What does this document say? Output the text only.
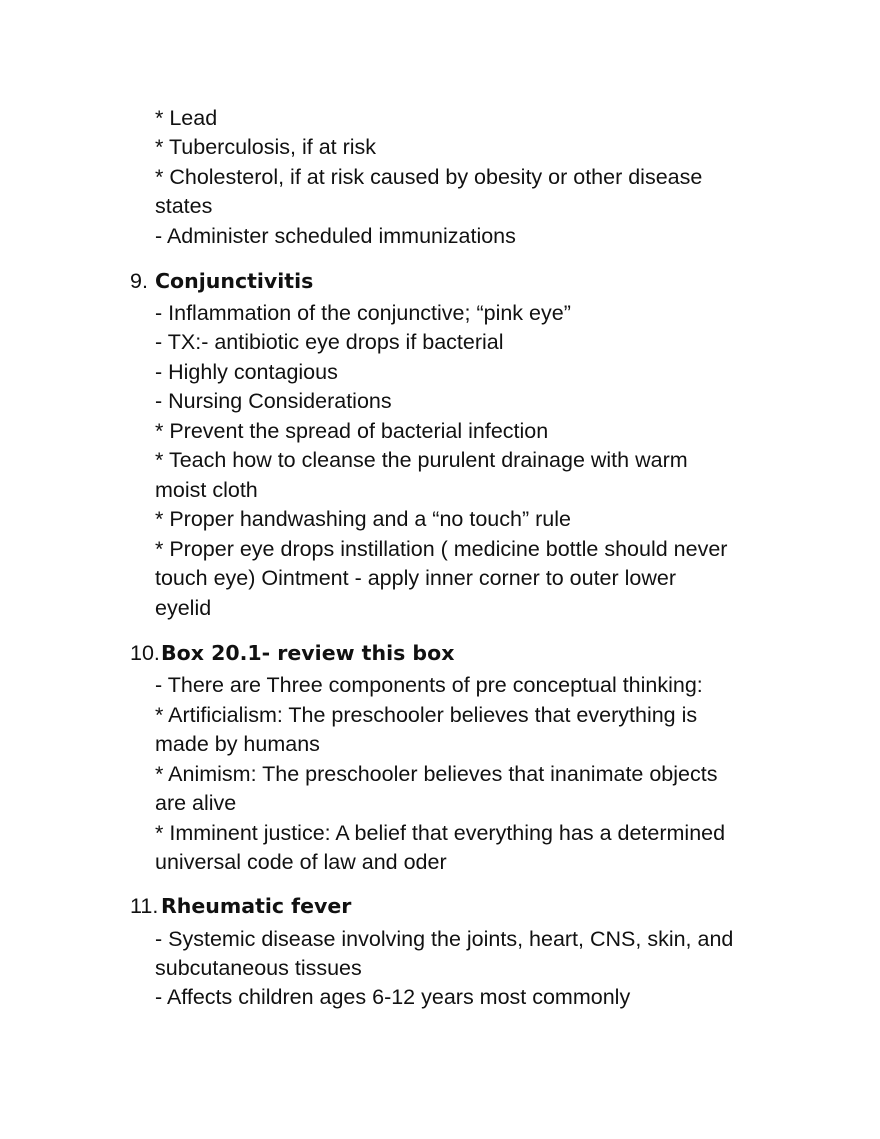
* Lead
* Tuberculosis, if at risk
* Cholesterol, if at risk caused by obesity or other disease
states
- Administer scheduled immunizations
9. Conjunctivitis
- Inflammation of the conjunctive; “pink eye”
- TX:- antibiotic eye drops if bacterial
- Highly contagious
- Nursing Considerations
* Prevent the spread of bacterial infection
* Teach how to cleanse the purulent drainage with warm
moist cloth
* Proper handwashing and a “no touch” rule
* Proper eye drops instillation ( medicine bottle should never
touch eye) Ointment - apply inner corner to outer lower
eyelid
10. Box 20.1- review this box
- There are Three components of pre conceptual thinking:
* Artificialism: The preschooler believes that everything is
made by humans
* Animism: The preschooler believes that inanimate objects
are alive
* Imminent justice: A belief that everything has a determined
universal code of law and oder
11. Rheumatic fever
- Systemic disease involving the joints, heart, CNS, skin, and
subcutaneous tissues
- Affects children ages 6-12 years most commonly
